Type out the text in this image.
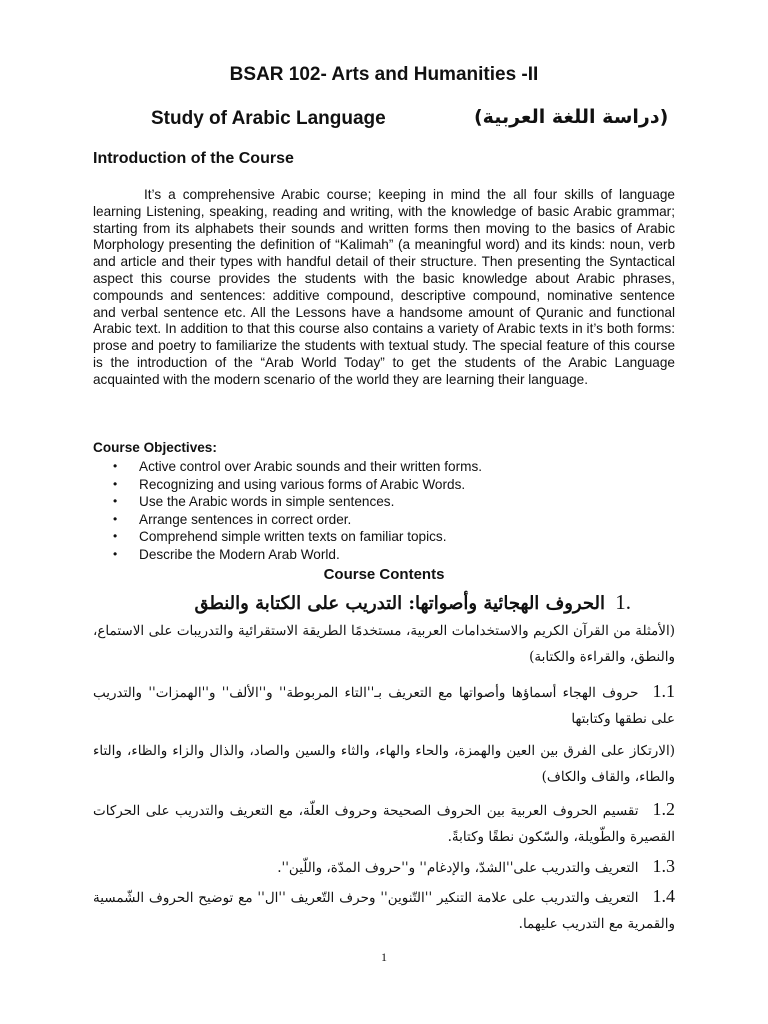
BSAR 102- Arts and Humanities -II
Study of Arabic Language	(دراسة اللغة العربية)
Introduction of the Course

It’s a comprehensive Arabic course; keeping in mind the all four skills of language learning Listening, speaking, reading and writing, with the knowledge of basic Arabic grammar; starting from its alphabets their sounds and written forms then moving to the basics of Arabic Morphology presenting the definition of “Kalimah” (a meaningful word) and its kinds: noun, verb and article and their types with handful detail of their structure. Then presenting the Syntactical aspect this course provides the students with the basic knowledge about Arabic phrases, compounds and sentences: additive compound, descriptive compound, nominative sentence and verbal sentence etc. All the Lessons have a handsome amount of Quranic and functional Arabic text. In addition to that this course also contains a variety of Arabic texts in it’s both forms: prose and poetry to familiarize the students with textual study. The special feature of this course is the introduction of the “Arab World Today” to get the students of the Arabic Language acquainted with the modern scenario of the world they are learning their language.

Course Objectives:
• Active control over Arabic sounds and their written forms.
• Recognizing and using various forms of Arabic Words.
• Use the Arabic words in simple sentences.
• Arrange sentences in correct order.
• Comprehend simple written texts on familiar topics.
• Describe the Modern Arab World.
Course Contents

1. الحروف الهجائية وأصواتها: التدريب على الكتابة والنطق

(الأمثلة من القرآن الكريم والاستخدامات العربية، مستخدمًا الطريقة الاستقرائية والتدريبات على الاستماع، والنطق، والقراءة والكتابة)

1.1حروف الهجاء أسماؤها وأصواتها مع التعريف بـ''التاء المربوطة'' و''الألف'' و''الهمزات'' والتدريب على نطقها وكتابتها

(الارتكاز على الفرق بين العين والهمزة، والحاء والهاء، والثاء والسين والصاد، والذال والزاء والظاء، والتاء والطاء، والقاف والكاف)

1.2تقسيم الحروف العربية بين الحروف الصحيحة وحروف العلّة، مع التعريف والتدريب على الحركات القصيرة والطّويلة، والسّكون نطقًا وكتابةً.

1.3التعريف والتدريب على''الشدّ، والإدغام'' و''حروف المدّة، واللّين''.

1.4التعريف والتدريب على علامة التنكير ''التّنوين'' وحرف التّعريف ''ال'' مع توضيح الحروف الشّمسية والقمرية مع التدريب عليهما.

1
